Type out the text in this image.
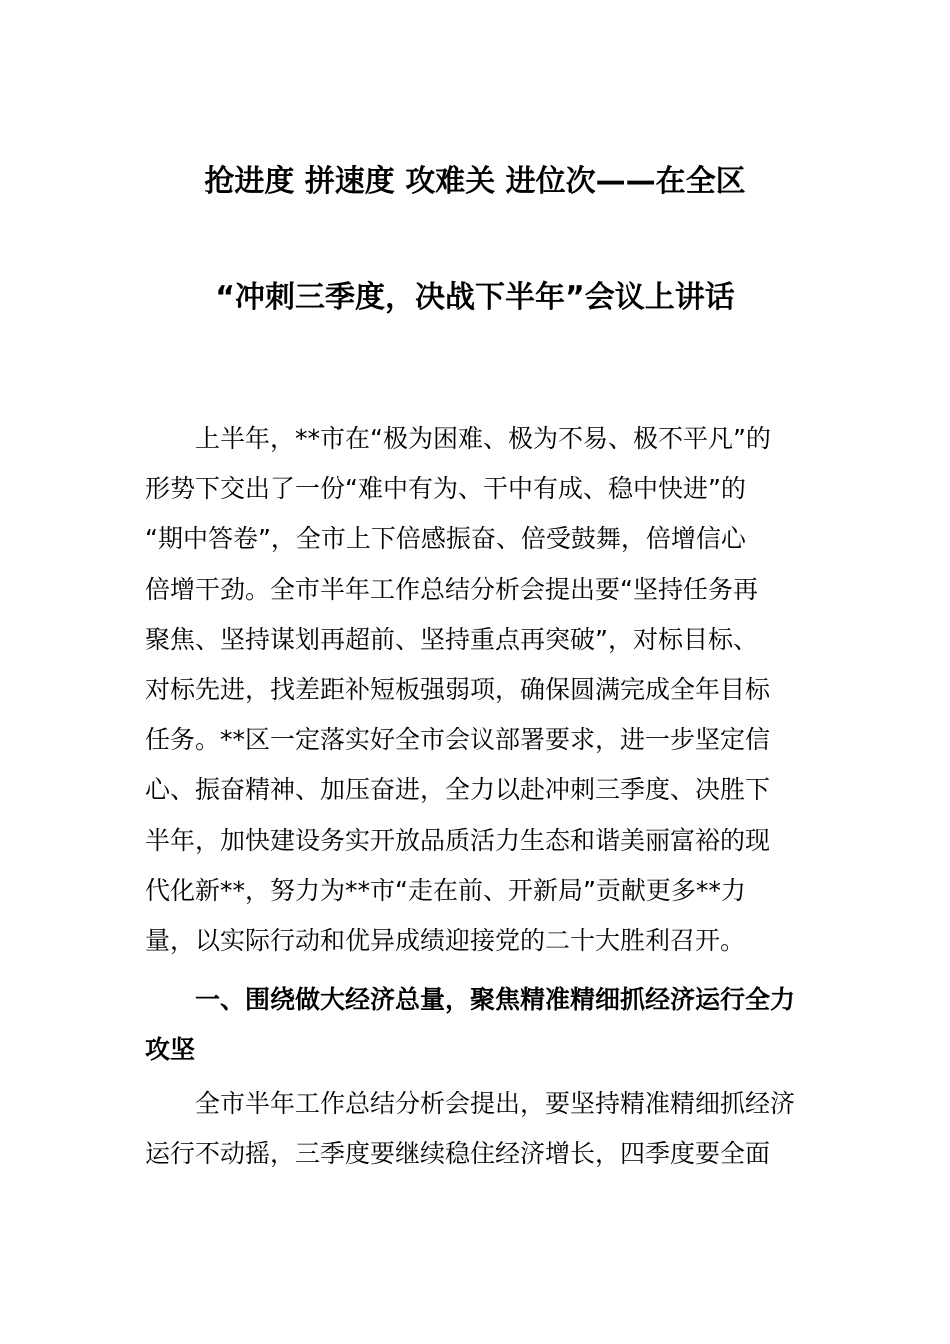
抢进度 拼速度 攻难关 进位次——在全区
“冲刺三季度，决战下半年”会议上讲话
　　上半年，**市在“极为困难、极为不易、极不平凡”的
形势下交出了一份“难中有为、干中有成、稳中快进”的
“期中答卷”，全市上下倍感振奋、倍受鼓舞，倍增信心
倍增干劲。全市半年工作总结分析会提出要“坚持任务再
聚焦、坚持谋划再超前、坚持重点再突破”，对标目标、
对标先进，找差距补短板强弱项，确保圆满完成全年目标
任务。**区一定落实好全市会议部署要求，进一步坚定信
心、振奋精神、加压奋进，全力以赴冲刺三季度、决胜下
半年，加快建设务实开放品质活力生态和谐美丽富裕的现
代化新**，努力为**市“走在前、开新局”贡献更多**力
量，以实际行动和优异成绩迎接党的二十大胜利召开。
　　一、围绕做大经济总量，聚焦精准精细抓经济运行全力
攻坚
　　全市半年工作总结分析会提出，要坚持精准精细抓经济
运行不动摇，三季度要继续稳住经济增长，四季度要全面
